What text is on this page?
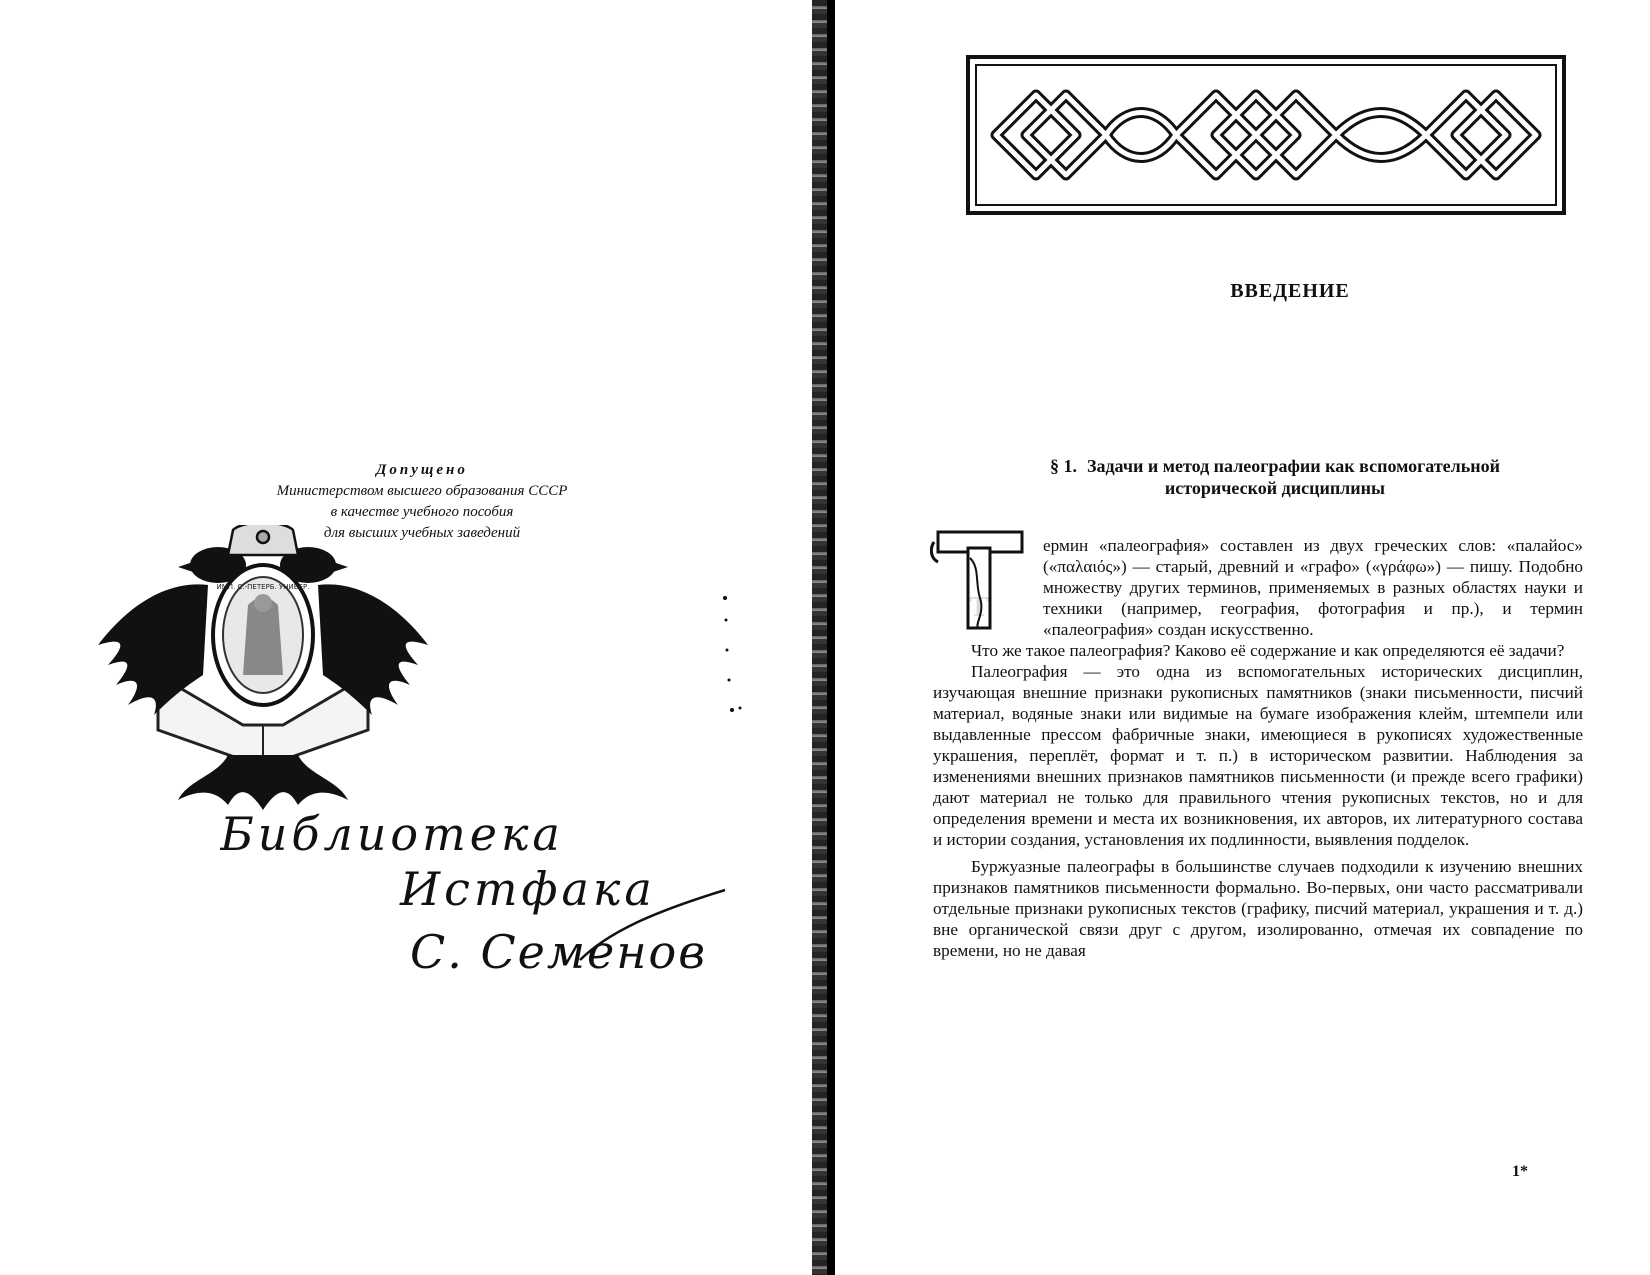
Допущено
Министерством высшего образования СССР
в качестве учебного пособия
для высших учебных заведений
ИМП. С.-ПЕТЕРБ. УНИВЕР.
Библиотека
Истфака
С. Семенов
ВВЕДЕНИЕ
§ 1. Задачи и метод палеографии как вспомогательной
исторической дисциплины
Т

ермин «палеография» составлен из двух греческих слов: «палайос» («παλαιός») — старый, древний и «графо» («γράφω») — пишу. Подобно множеству других терминов, применяемых в разных областях науки и техники (например, география, фотография и пр.), и термин «палеография» создан искусственно.

Что же такое палеография? Каково её содержание и как определяются её задачи?

Палеография — это одна из вспомогательных исторических дисциплин, изучающая внешние признаки рукописных памятников (знаки письменности, писчий материал, водяные знаки или видимые на бумаге изображения клейм, штемпели или выдавленные прессом фабричные знаки, имеющиеся в рукописях художественные украшения, переплёт, формат и т. п.) в историческом развитии. Наблюдения за изменениями внешних признаков памятников письменности (и прежде всего графики) дают материал не только для правильного чтения рукописных текстов, но и для определения времени и места их возникновения, их авторов, их литературного состава и истории создания, установления их подлинности, выявления подделок.

Буржуазные палеографы в большинстве случаев подходили к изучению внешних признаков памятников письменности формально. Во-первых, они часто рассматривали отдельные признаки рукописных текстов (графику, писчий материал, украшения и т. д.) вне органической связи друг с другом, изолированно, отмечая их совпадение по времени, но не давая

1*
